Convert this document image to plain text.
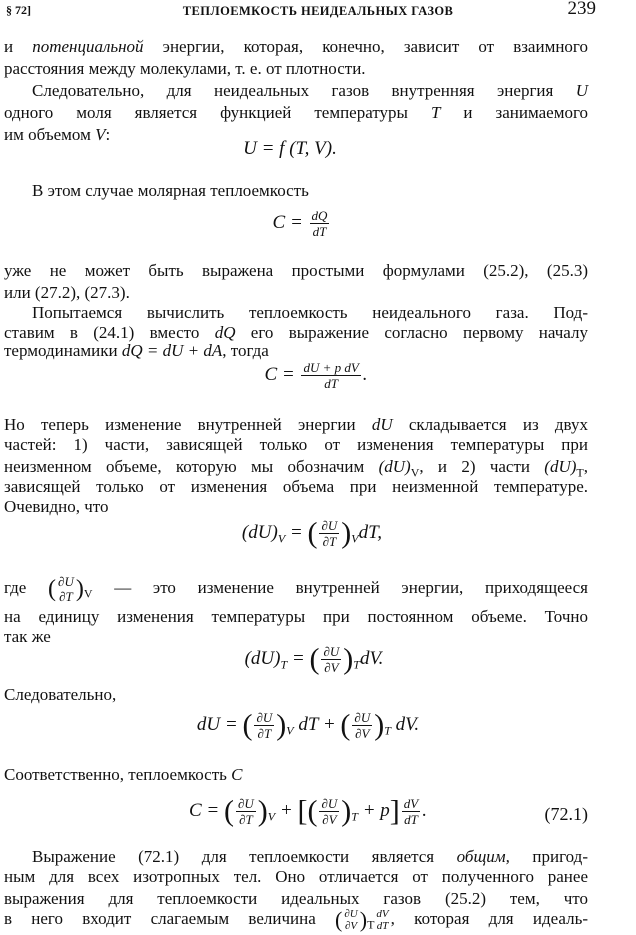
§ 72]	ТЕПЛОЕМКОСТЬ НЕИДЕАЛЬНЫХ ГАЗОВ	239
и потенциальной энергии, которая, конечно, зависит от взаимного
расстояния между молекулами, т. е. от плотности.
Следовательно, для неидеальных газов внутренняя энергия U
одного моля является функцией температуры T и занимаемого
им объемом V:
U = f (T, V).
В этом случае молярная теплоемкость
$C = \frac{dQ}{dT}$
уже не может быть выражена простыми формулами (25.2), (25.3)
или (27.2), (27.3).
Попытаемся вычислить теплоемкость неидеального газа. Под-
ставим в (24.1) вместо dQ его выражение согласно первому началу
термодинамики dQ = dU + dA, тогда
$C = \frac{\text{dU + p dV}}{dT}$ .
Но теперь изменение внутренней энергии dU складывается из двух
частей: 1) части, зависящей только от изменения температуры при
неизменном объеме, которую мы обозначим $(dU)_V$, и 2) части $(dU)_T$,
зависящей только от изменения объема при неизменной температуре.
Очевидно, что
$(dU)_V$ = ( $\frac{\partial U}{\partial T} )_VdT$,
где ( ∂U
∂T )$_V$ — это изменение внутренней энергии, приходящееся
на единицу изменения температуры при постоянном объеме. Точно
так же
$(dU)_T$ = ( $\frac{\partial U}{\partial V} )_TdV$.
Следовательно,
dU = ( $\frac{\partial U}{\partial T} )_V$ dT + ( $\frac{\partial U}{\partial V} )_T$ dV.
Соответственно, теплоемкость C
C = ( $\frac{\partial U}{\partial T} )_V$ + [( $\frac{\partial U}{\partial V} )_T + p] \frac{dV}{dT}$ .	(72.1)
Выражение (72.1) для теплоемкости является общим, пригод-
ным для всех изотропных тел. Оно отличается от полученного ранее
выражения для теплоемкости идеальных газов (25.2) тем, что
в него входит слагаемым величина ( ∂U
∂V )$_T$
dV
dT , которая для идеаль-
